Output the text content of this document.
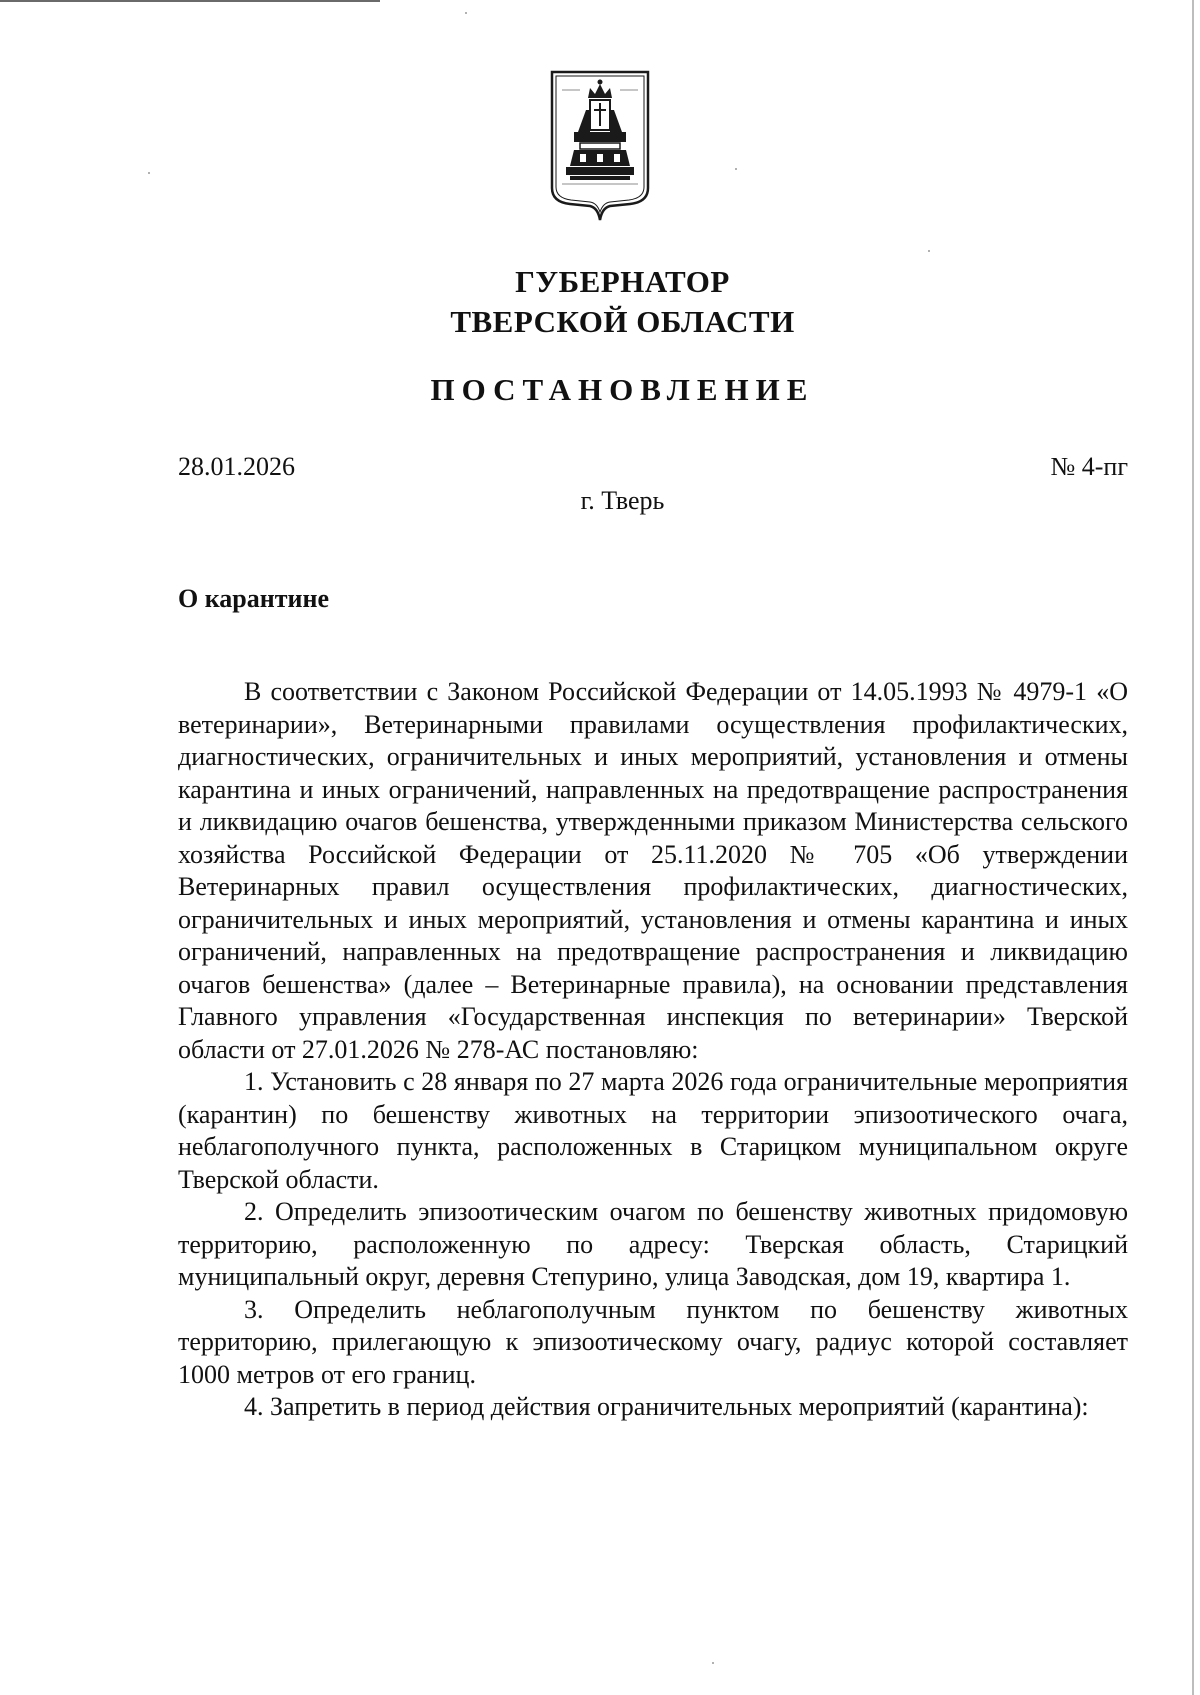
ГУБЕРНАТОР
ТВЕРСКОЙ ОБЛАСТИ
ПОСТАНОВЛЕНИЕ
28.01.2026	№ 4-пг
г. Тверь
О карантине

В соответствии с Законом Российской Федерации от 14.05.1993 № 4979-1 «О ветеринарии», Ветеринарными правилами осуществления профилактических, диагностических, ограничительных и иных мероприятий, установления и отмены карантина и иных ограничений, направленных на предотвращение распространения и ликвидацию очагов бешенства, утвержденными приказом Министерства сельского хозяйства Российской Федерации от 25.11.2020 № 705 «Об утверждении Ветеринарных правил осуществления профилактических, диагностических, ограничительных и иных мероприятий, установления и отмены карантина и иных ограничений, направленных на предотвращение распространения и ликвидацию очагов бешенства» (далее – Ветеринарные правила), на основании представления Главного управления «Государственная инспекция по ветеринарии» Тверской области от 27.01.2026 № 278-АС постановляю:

1. Установить с 28 января по 27 марта 2026 года ограничительные мероприятия (карантин) по бешенству животных на территории эпизоотического очага, неблагополучного пункта, расположенных в Старицком муниципальном округе Тверской области.

2. Определить эпизоотическим очагом по бешенству животных придомовую территорию, расположенную по адресу: Тверская область, Старицкий муниципальный округ, деревня Степурино, улица Заводская, дом 19, квартира 1.

3. Определить неблагополучным пунктом по бешенству животных территорию, прилегающую к эпизоотическому очагу, радиус которой составляет 1000 метров от его границ.

4. Запретить в период действия ограничительных мероприятий (карантина):
